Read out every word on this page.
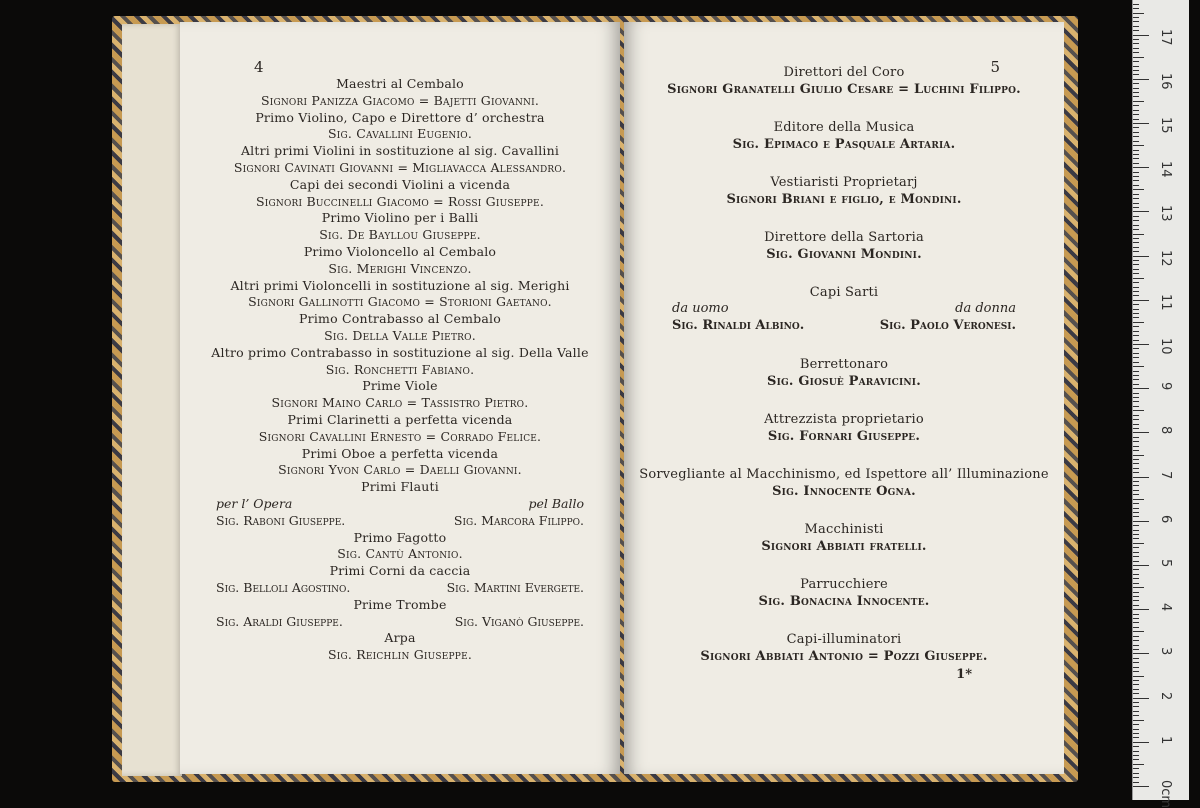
4
Maestri al Cembalo
Signori Panizza Giacomo = Bajetti Giovanni.
Primo Violino, Capo e Direttore d’ orchestra
Sig. Cavallini Eugenio.
Altri primi Violini in sostituzione al sig. Cavallini
Signori Cavinati Giovanni = Migliavacca Alessandro.
Capi dei secondi Violini a vicenda
Signori Buccinelli Giacomo = Rossi Giuseppe.
Primo Violino per i Balli
Sig. De Bayllou Giuseppe.
Primo Violoncello al Cembalo
Sig. Merighi Vincenzo.
Altri primi Violoncelli in sostituzione al sig. Merighi
Signori Gallinotti Giacomo = Storioni Gaetano.
Primo Contrabasso al Cembalo
Sig. Della Valle Pietro.
Altro primo Contrabasso in sostituzione al sig. Della Valle
Sig. Ronchetti Fabiano.
Prime Viole
Signori Maino Carlo = Tassistro Pietro.
Primi Clarinetti a perfetta vicenda
Signori Cavallini Ernesto = Corrado Felice.
Primi Oboe a perfetta vicenda
Signori Yvon Carlo = Daelli Giovanni.
Primi Flauti
per l’ Opera	pel Ballo
Sig. Raboni Giuseppe.	Sig. Marcora Filippo.
Primo Fagotto
Sig. Cantù Antonio.
Primi Corni da caccia
Sig. Belloli Agostino.	Sig. Martini Evergete.
Prime Trombe
Sig. Araldi Giuseppe.	Sig. Viganò Giuseppe.
Arpa
Sig. Reichlin Giuseppe.
5
Direttori del Coro
Signori Granatelli Giulio Cesare = Luchini Filippo.
Editore della Musica
Sig. Epimaco e Pasquale Artaria.
Vestiaristi Proprietarj
Signori Briani e figlio, e Mondini.
Direttore della Sartoria
Sig. Giovanni Mondini.
Capi Sarti
da uomo	da donna
Sig. Rinaldi Albino.	Sig. Paolo Veronesi.
Berrettonaro
Sig. Giosuè Paravicini.
Attrezzista proprietario
Sig. Fornari Giuseppe.
Sorvegliante al Macchinismo, ed Ispettore all’ Illuminazione
Sig. Innocente Ogna.
Macchinisti
Signori Abbiati fratelli.
Parrucchiere
Sig. Bonacina Innocente.
Capi-illuminatori
Signori Abbiati Antonio = Pozzi Giuseppe.
1*
0cm
1
2
3
4
5
6
7
8
9
10
11
12
13
14
15
16
17
